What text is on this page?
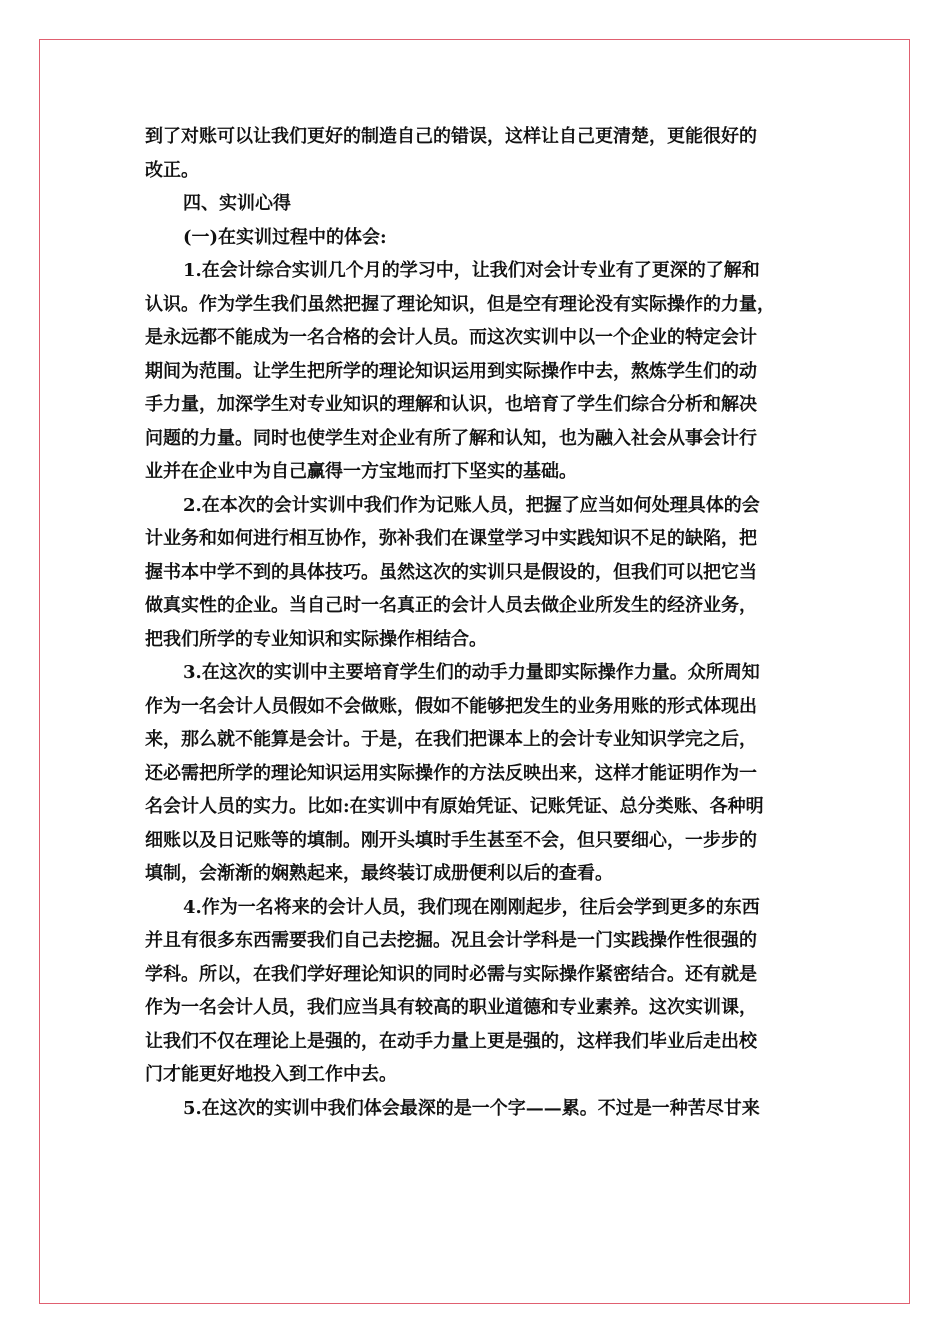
到了对账可以让我们更好的制造自己的错误，这样让自己更清楚，更能很好的
改正。
四、实训心得
(一)在实训过程中的体会:
1.在会计综合实训几个月的学习中，让我们对会计专业有了更深的了解和
认识。作为学生我们虽然把握了理论知识，但是空有理论没有实际操作的力量，
是永远都不能成为一名合格的会计人员。而这次实训中以一个企业的特定会计
期间为范围。让学生把所学的理论知识运用到实际操作中去，熬炼学生们的动
手力量，加深学生对专业知识的理解和认识，也培育了学生们综合分析和解决
问题的力量。同时也使学生对企业有所了解和认知，也为融入社会从事会计行
业并在企业中为自己赢得一方宝地而打下坚实的基础。
2.在本次的会计实训中我们作为记账人员，把握了应当如何处理具体的会
计业务和如何进行相互协作，弥补我们在课堂学习中实践知识不足的缺陷，把
握书本中学不到的具体技巧。虽然这次的实训只是假设的，但我们可以把它当
做真实性的企业。当自己时一名真正的会计人员去做企业所发生的经济业务，
把我们所学的专业知识和实际操作相结合。
3.在这次的实训中主要培育学生们的动手力量即实际操作力量。众所周知
作为一名会计人员假如不会做账，假如不能够把发生的业务用账的形式体现出
来，那么就不能算是会计。于是，在我们把课本上的会计专业知识学完之后，
还必需把所学的理论知识运用实际操作的方法反映出来，这样才能证明作为一
名会计人员的实力。比如:在实训中有原始凭证、记账凭证、总分类账、各种明
细账以及日记账等的填制。刚开头填时手生甚至不会，但只要细心，一步步的
填制，会渐渐的娴熟起来，最终装订成册便利以后的查看。
4.作为一名将来的会计人员，我们现在刚刚起步，往后会学到更多的东西
并且有很多东西需要我们自己去挖掘。况且会计学科是一门实践操作性很强的
学科。所以，在我们学好理论知识的同时必需与实际操作紧密结合。还有就是
作为一名会计人员，我们应当具有较高的职业道德和专业素养。这次实训课，
让我们不仅在理论上是强的，在动手力量上更是强的，这样我们毕业后走出校
门才能更好地投入到工作中去。
5.在这次的实训中我们体会最深的是一个字——累。不过是一种苦尽甘来
